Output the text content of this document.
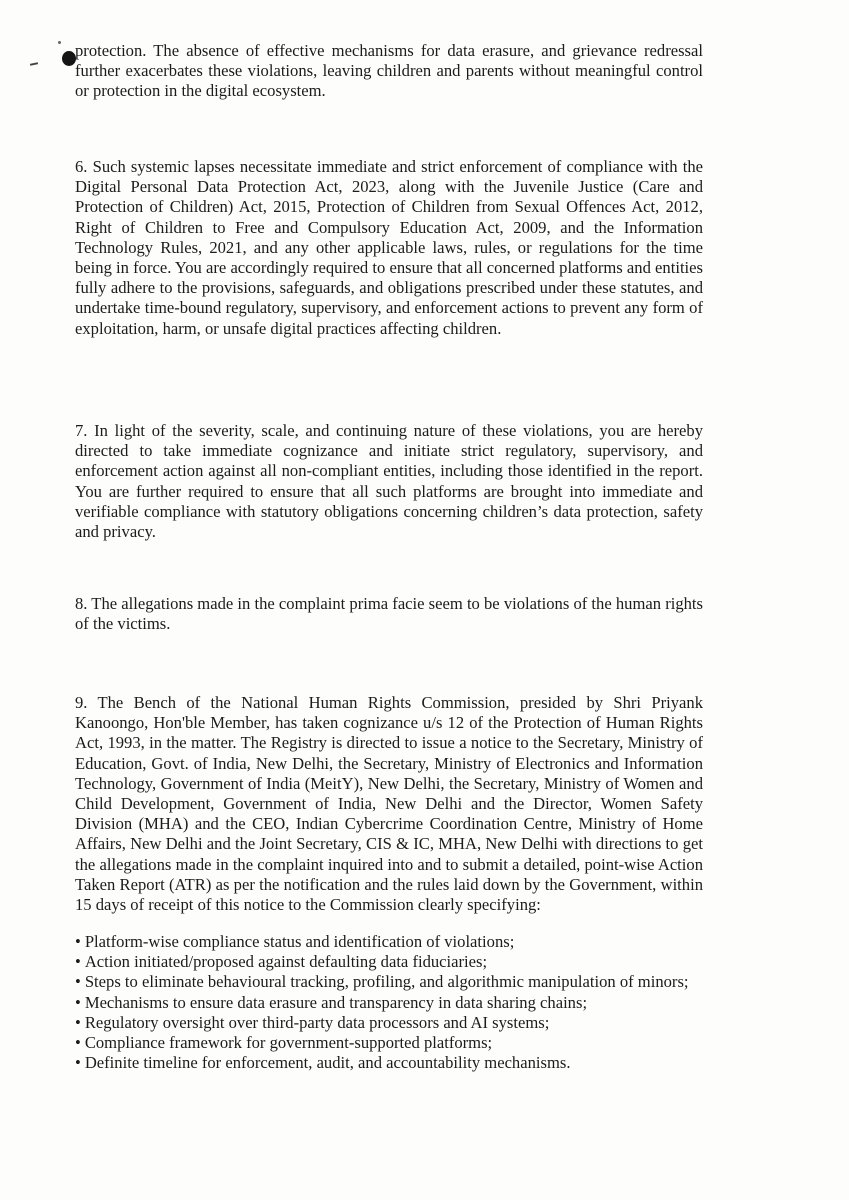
protection. The absence of effective mechanisms for data erasure, and grievance redressal further exacerbates these violations, leaving children and parents without meaningful control or protection in the digital ecosystem.

6. Such systemic lapses necessitate immediate and strict enforcement of compliance with the Digital Personal Data Protection Act, 2023, along with the Juvenile Justice (Care and Protection of Children) Act, 2015, Protection of Children from Sexual Offences Act, 2012, Right of Children to Free and Compulsory Education Act, 2009, and the Information Technology Rules, 2021, and any other applicable laws, rules, or regulations for the time being in force. You are accordingly required to ensure that all concerned platforms and entities fully adhere to the provisions, safeguards, and obligations prescribed under these statutes, and undertake time-bound regulatory, supervisory, and enforcement actions to prevent any form of exploitation, harm, or unsafe digital practices affecting children.

7. In light of the severity, scale, and continuing nature of these violations, you are hereby directed to take immediate cognizance and initiate strict regulatory, supervisory, and enforcement action against all non-compliant entities, including those identified in the report. You are further required to ensure that all such platforms are brought into immediate and verifiable compliance with statutory obligations concerning children’s data protection, safety and privacy.

8. The allegations made in the complaint prima facie seem to be violations of the human rights of the victims.

9. The Bench of the National Human Rights Commission, presided by Shri Priyank Kanoongo, Hon'ble Member, has taken cognizance u/s 12 of the Protection of Human Rights Act, 1993, in the matter. The Registry is directed to issue a notice to the Secretary, Ministry of Education, Govt. of India, New Delhi, the Secretary, Ministry of Electronics and Information Technology, Government of India (MeitY), New Delhi, the Secretary, Ministry of Women and Child Development, Government of India, New Delhi and the Director, Women Safety Division (MHA) and the CEO, Indian Cybercrime Coordination Centre, Ministry of Home Affairs, New Delhi and the Joint Secretary, CIS & IC, MHA, New Delhi with directions to get the allegations made in the complaint inquired into and to submit a detailed, point-wise Action Taken Report (ATR) as per the notification and the rules laid down by the Government, within 15 days of receipt of this notice to the Commission clearly specifying:

• Platform-wise compliance status and identification of violations;
• Action initiated/proposed against defaulting data fiduciaries;
• Steps to eliminate behavioural tracking, profiling, and algorithmic manipulation of minors;
• Mechanisms to ensure data erasure and transparency in data sharing chains;
• Regulatory oversight over third-party data processors and AI systems;
• Compliance framework for government-supported platforms;
• Definite timeline for enforcement, audit, and accountability mechanisms.
